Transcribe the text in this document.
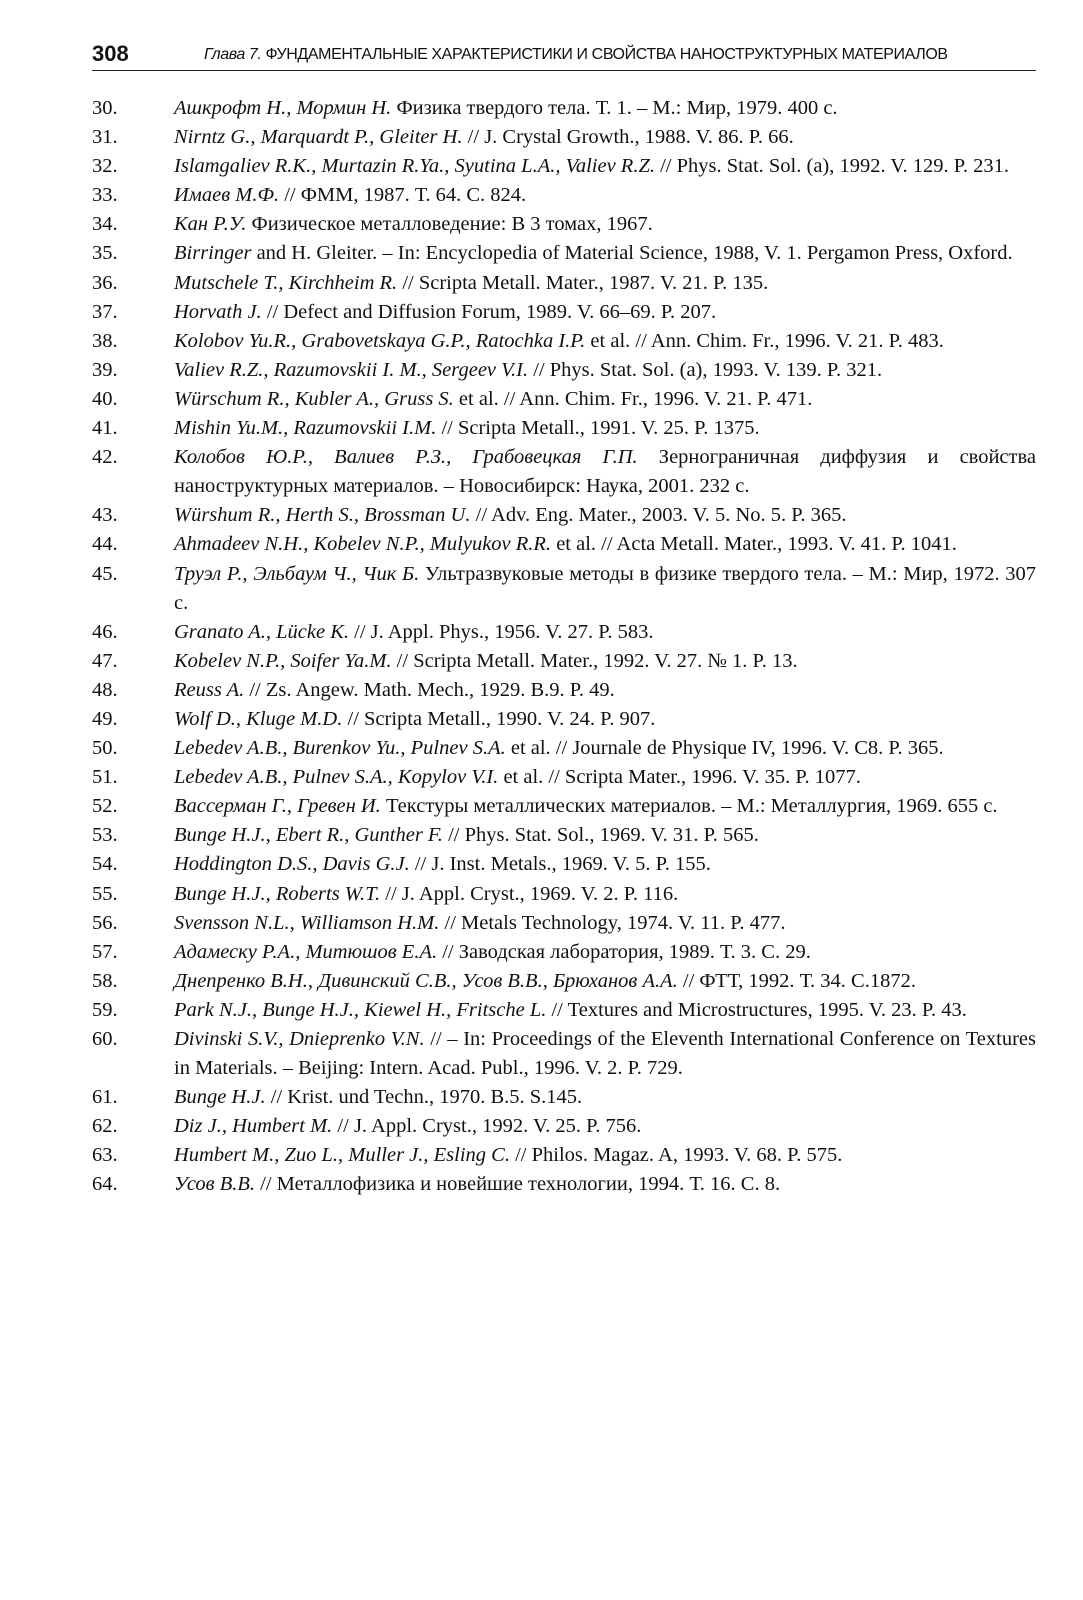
308	Глава 7. ФУНДАМЕНТАЛЬНЫЕ ХАРАКТЕРИСТИКИ И СВОЙСТВА НАНОСТРУКТУРНЫХ МАТЕРИАЛОВ
30.	Ашкрофт Н., Мормин Н. Физика твердого тела. Т. 1. – М.: Мир, 1979. 400 с.
31.	Nirntz G., Marquardt P., Gleiter H. // J. Crystal Growth., 1988. V. 86. P. 66.
32.	Islamgaliev R.K., Murtazin R.Ya., Syutina L.A., Valiev R.Z. // Phys. Stat. Sol. (a), 1992. V. 129. P. 231.
33.	Имаев М.Ф. // ФММ, 1987. Т. 64. С. 824.
34.	Кан Р.У. Физическое металловедение: В 3 томах, 1967.
35.	Birringer and H. Gleiter. – In: Encyclopedia of Material Science, 1988, V. 1. Pergamon Press, Oxford.
36.	Mutschele T., Kirchheim R. // Scripta Metall. Mater., 1987. V. 21. P. 135.
37.	Horvath J. // Defect and Diffusion Forum, 1989. V. 66–69. P. 207.
38.	Kolobov Yu.R., Grabovetskaya G.P., Ratochka I.P. et al. // Ann. Chim. Fr., 1996. V. 21. P. 483.
39.	Valiev R.Z., Razumovskii I. M., Sergeev V.I. // Phys. Stat. Sol. (a), 1993. V. 139. P. 321.
40.	Würschum R., Kubler A., Gruss S. et al. // Ann. Chim. Fr., 1996. V. 21. P. 471.
41.	Mishin Yu.M., Razumovskii I.M. // Scripta Metall., 1991. V. 25. P. 1375.
42.	Колобов Ю.Р., Валиев Р.З., Грабовецкая Г.П. Зернограничная диффузия и свойства наноструктурных материалов. – Новосибирск: Наука, 2001. 232 с.
43.	Würshum R., Herth S., Brossman U. // Adv. Eng. Mater., 2003. V. 5. No. 5. P. 365.
44.	Ahmadeev N.H., Kobelev N.P., Mulyukov R.R. et al. // Acta Metall. Mater., 1993. V. 41. P. 1041.
45.	Труэл Р., Эльбаум Ч., Чик Б. Ультразвуковые методы в физике твердого тела. – М.: Мир, 1972. 307 с.
46.	Granato A., Lücke K. // J. Appl. Phys., 1956. V. 27. P. 583.
47.	Kobelev N.P., Soifer Ya.M. // Scripta Metall. Mater., 1992. V. 27. № 1. P. 13.
48.	Reuss A. // Zs. Angew. Math. Mech., 1929. B.9. P. 49.
49.	Wolf D., Kluge M.D. // Scripta Metall., 1990. V. 24. P. 907.
50.	Lebedev A.B., Burenkov Yu., Pulnev S.A. et al. // Journale de Physique IV, 1996. V. C8. P. 365.
51.	Lebedev A.B., Pulnev S.A., Kopylov V.I. et al. // Scripta Mater., 1996. V. 35. P. 1077.
52.	Вассерман Г., Гревен И. Текстуры металлических материалов. – М.: Металлургия, 1969. 655 с.
53.	Bunge H.J., Ebert R., Gunther F. // Phys. Stat. Sol., 1969. V. 31. P. 565.
54.	Hoddington D.S., Davis G.J. // J. Inst. Metals., 1969. V. 5. P. 155.
55.	Bunge H.J., Roberts W.T. // J. Appl. Cryst., 1969. V. 2. P. 116.
56.	Svensson N.L., Williamson H.M. // Metals Technology, 1974. V. 11. P. 477.
57.	Адамеску Р.А., Митюшов Е.А. // Заводская лаборатория, 1989. Т. 3. С. 29.
58.	Днепренко В.Н., Дивинский С.В., Усов В.В., Брюханов А.А. // ФТТ, 1992. Т. 34. С.1872.
59.	Park N.J., Bunge H.J., Kiewel H., Fritsche L. // Textures and Microstructures, 1995. V. 23. P. 43.
60.	Divinski S.V., Dnieprenko V.N. // – In: Proceedings of the Eleventh International Conference on Textures in Materials. – Beijing: Intern. Acad. Publ., 1996. V. 2. P. 729.
61.	Bunge H.J. // Krist. und Techn., 1970. B.5. S.145.
62.	Diz J., Humbert M. // J. Appl. Cryst., 1992. V. 25. P. 756.
63.	Humbert M., Zuo L., Muller J., Esling C. // Philos. Magaz. A, 1993. V. 68. P. 575.
64.	Усов В.В. // Металлофизика и новейшие технологии, 1994. Т. 16. С. 8.
